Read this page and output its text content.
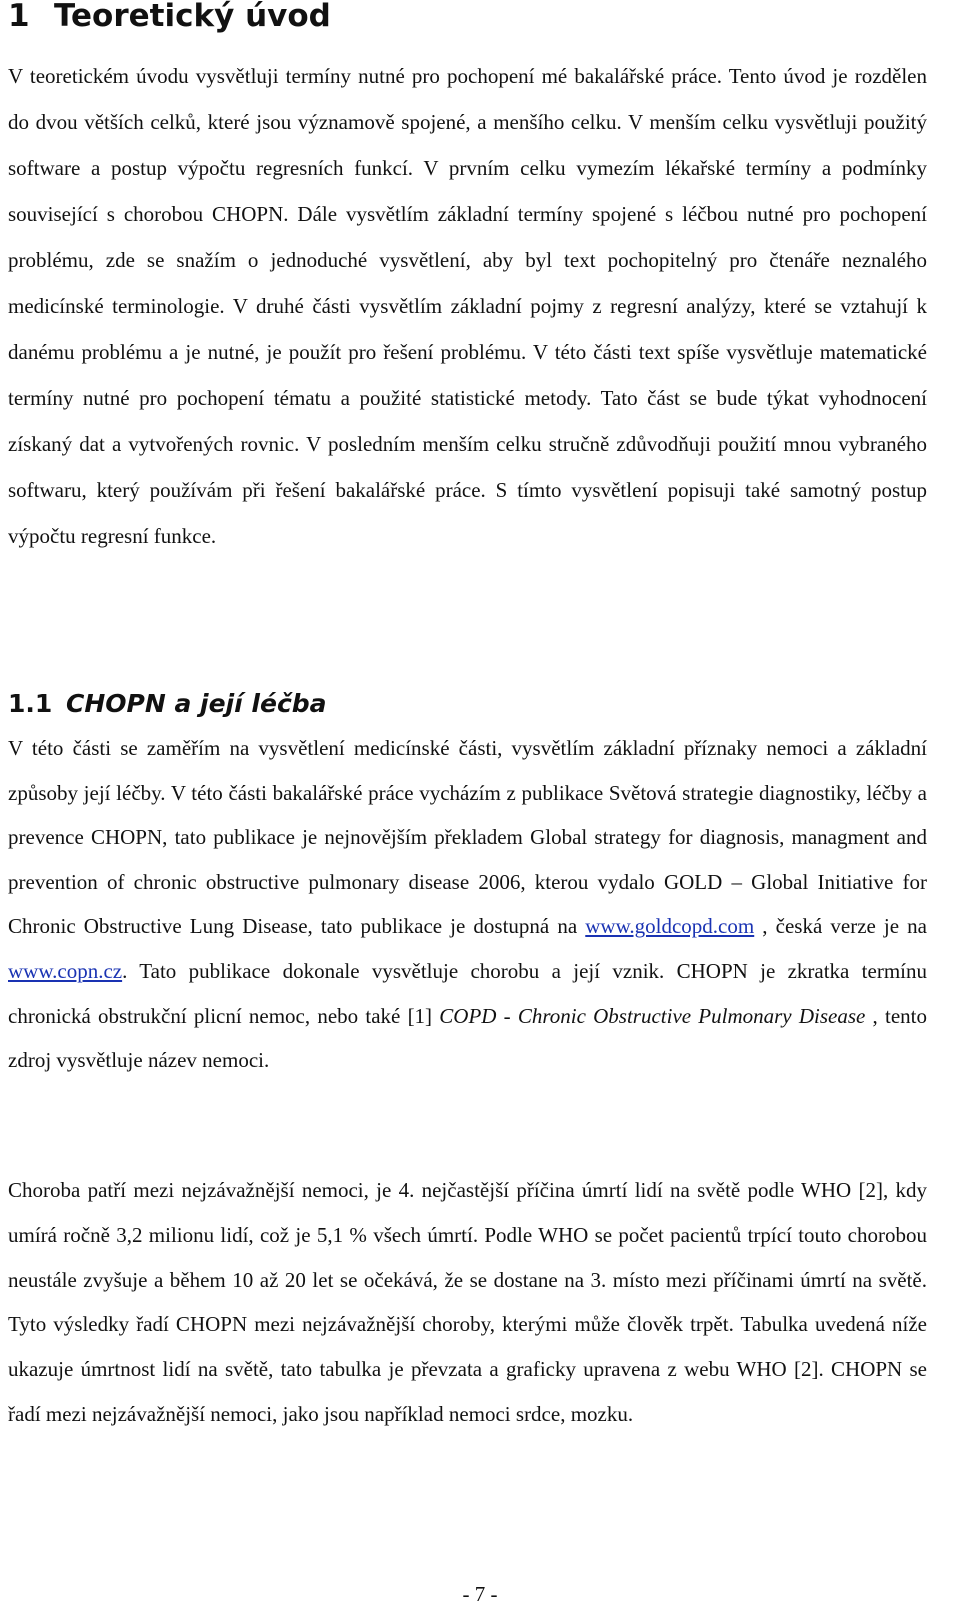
1 Teoretický úvod

V teoretickém úvodu vysvětluji termíny nutné pro pochopení mé bakalářské práce. Tento úvod je rozdělen do dvou větších celků, které jsou významově spojené, a menšího celku. V menším celku vysvětluji použitý software a postup výpočtu regresních funkcí. V prvním celku vymezím lékařské termíny a podmínky související s chorobou CHOPN. Dále vysvětlím základní termíny spojené s léčbou nutné pro pochopení problému, zde se snažím o jednoduché vysvětlení, aby byl text pochopitelný pro čtenáře neznalého medicínské terminologie. V druhé části vysvětlím základní pojmy z regresní analýzy, které se vztahují k danému problému a je nutné, je použít pro řešení problému. V této části text spíše vysvětluje matematické termíny nutné pro pochopení tématu a použité statistické metody. Tato část se bude týkat vyhodnocení získaný dat a vytvořených rovnic. V posledním menším celku stručně zdůvodňuji použití mnou vybraného softwaru, který používám při řešení bakalářské práce. S tímto vysvětlení popisuji také samotný postup výpočtu regresní funkce.

1.1 CHOPN a její léčba

V této části se zaměřím na vysvětlení medicínské části, vysvětlím základní příznaky nemoci a základní způsoby její léčby. V této části bakalářské práce vycházím z publikace Světová strategie diagnostiky, léčby a prevence CHOPN, tato publikace je nejnovějším překladem Global strategy for diagnosis, managment and prevention of chronic obstructive pulmonary disease 2006, kterou vydalo GOLD – Global Initiative for Chronic Obstructive Lung Disease, tato publikace je dostupná na www.goldcopd.com , česká verze je na www.copn.cz. Tato publikace dokonale vysvětluje chorobu a její vznik. CHOPN je zkratka termínu chronická obstrukční plicní nemoc, nebo také [1] COPD - Chronic Obstructive Pulmonary Disease , tento zdroj vysvětluje název nemoci.

Choroba patří mezi nejzávažnější nemoci, je 4. nejčastější příčina úmrtí lidí na světě podle WHO [2], kdy umírá ročně 3,2 milionu lidí, což je 5,1 % všech úmrtí. Podle WHO se počet pacientů trpící touto chorobou neustále zvyšuje a během 10 až 20 let se očekává, že se dostane na 3. místo mezi příčinami úmrtí na světě. Tyto výsledky řadí CHOPN mezi nejzávažnější choroby, kterými může člověk trpět. Tabulka uvedená níže ukazuje úmrtnost lidí na světě, tato tabulka je převzata a graficky upravena z webu WHO [2]. CHOPN se řadí mezi nejzávažnější nemoci, jako jsou například nemoci srdce, mozku.

- 7 -
